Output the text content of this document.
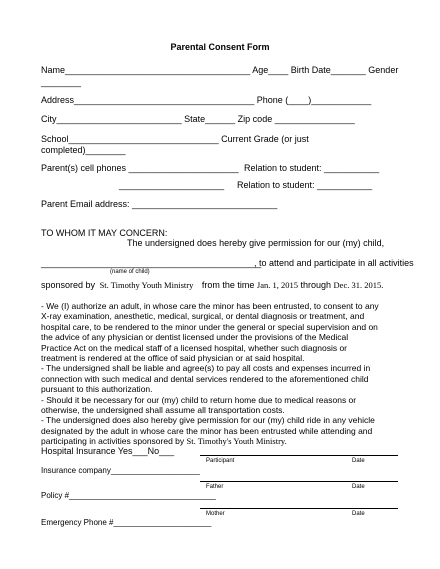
Parental Consent Form
Name_____________________________________ Age____ Birth Date_______ Gender
________
Address____________________________________ Phone (____)____________
City_________________________ State______ Zip code ________________
School______________________________ Current Grade (or just
completed)________
Parent(s) cell phones ______________________ Relation to student: ___________
_____________________ Relation to student: ___________
Parent Email address: _____________________________
TO WHOM IT MAY CONCERN:
The undersigned does hereby give permission for our (my) child,
____________________________________________
, to attend and participate in all activities
(name of child)
sponsored by St. Timothy Youth Ministry from the time Jan. 1, 2015 through Dec. 31. 2015.
- We (I) authorize an adult, in whose care the minor has been entrusted, to consent to any
X-ray examination, anesthetic, medical, surgical, or dental diagnosis or treatment, and
hospital care, to be rendered to the minor under the general or special supervision and on
the advice of any physician or dentist licensed under the provisions of the Medical
Practice Act on the medical staff of a licensed hospital, whether such diagnosis or
treatment is rendered at the office of said physician or at said hospital.
- The undersigned shall be liable and agree(s) to pay all costs and expenses incurred in
connection with such medical and dental services rendered to the aforementioned child
pursuant to this authorization.
- Should it be necessary for our (my) child to return home due to medical reasons or
otherwise, the undersigned shall assume all transportation costs.
- The undersigned does also hereby give permission for our (my) child ride in any vehicle
designated by the adult in whose care the minor has been entrusted while attending and
participating in activities sponsored by St. Timothy's Youth Ministry.
Hospital Insurance Yes___No___
Insurance company____________________
Policy #_________________________________
Emergency Phone #______________________
Participant	Date
Father	Date
Mother	Date
